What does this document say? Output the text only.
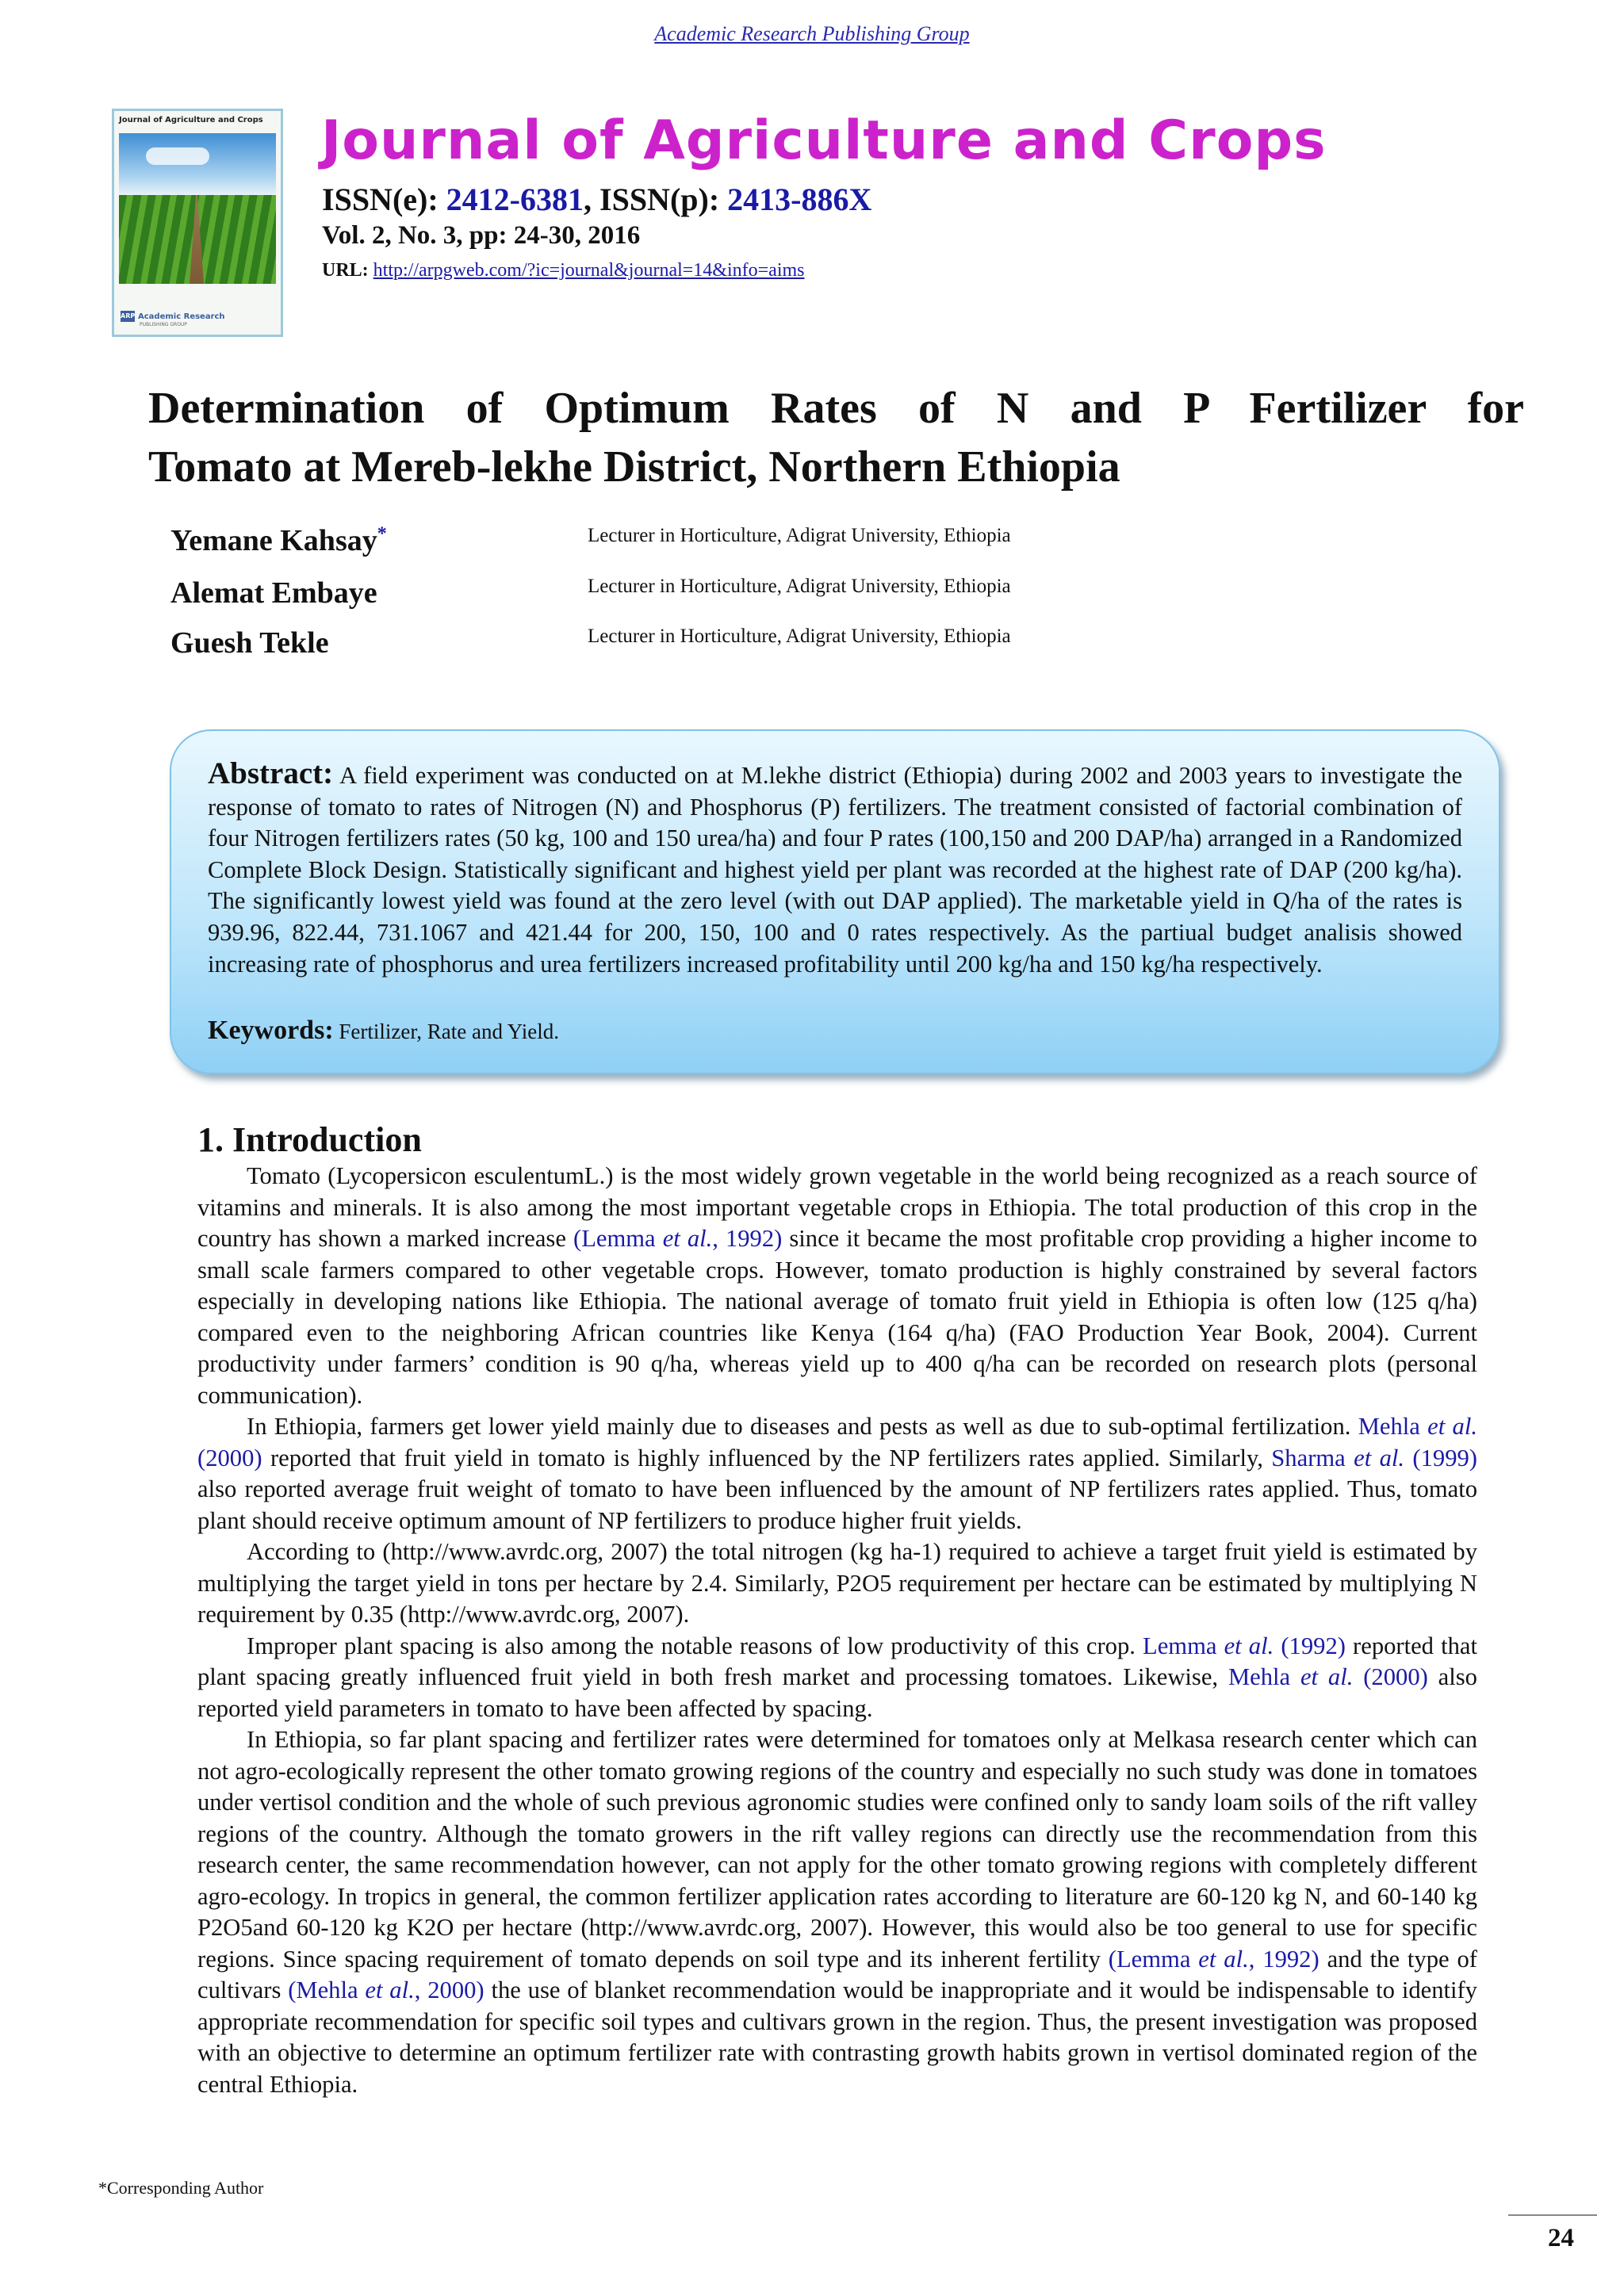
Academic Research Publishing Group
Journal of Agriculture and Crops
ARP Academic Research
PUBLISHING GROUP
Journal of Agriculture and Crops
ISSN(e): 2412-6381, ISSN(p): 2413-886X
Vol. 2, No. 3, pp: 24-30, 2016
URL: http://arpgweb.com/?ic=journal&journal=14&info=aims
Determination of Optimum Rates of N and P Fertilizer for
Tomato at Mereb-lekhe District, Northern Ethiopia
Yemane Kahsay*	Lecturer in Horticulture, Adigrat University, Ethiopia
Alemat Embaye	Lecturer in Horticulture, Adigrat University, Ethiopia
Guesh Tekle	Lecturer in Horticulture, Adigrat University, Ethiopia
Abstract: A field experiment was conducted on at M.lekhe district (Ethiopia) during 2002 and 2003 years to investigate the response of tomato to rates of Nitrogen (N) and Phosphorus (P) fertilizers. The treatment consisted of factorial combination of four Nitrogen fertilizers rates (50 kg, 100 and 150 urea/ha) and four P rates (100,150 and 200 DAP/ha) arranged in a Randomized Complete Block Design. Statistically significant and highest yield per plant was recorded at the highest rate of DAP (200 kg/ha). The significantly lowest yield was found at the zero level (with out DAP applied). The marketable yield in Q/ha of the rates is 939.96, 822.44, 731.1067 and 421.44 for 200, 150, 100 and 0 rates respectively. As the partiual budget analisis showed increasing rate of phosphorus and urea fertilizers increased profitability until 200 kg/ha and 150 kg/ha respectively.
Keywords: Fertilizer, Rate and Yield.
1. Introduction

Tomato (Lycopersicon esculentumL.) is the most widely grown vegetable in the world being recognized as a reach source of vitamins and minerals. It is also among the most important vegetable crops in Ethiopia. The total production of this crop in the country has shown a marked increase (Lemma et al., 1992) since it became the most profitable crop providing a higher income to small scale farmers compared to other vegetable crops. However, tomato production is highly constrained by several factors especially in developing nations like Ethiopia. The national average of tomato fruit yield in Ethiopia is often low (125 q/ha) compared even to the neighboring African countries like Kenya (164 q/ha) (FAO Production Year Book, 2004). Current productivity under farmers’ condition is 90 q/ha, whereas yield up to 400 q/ha can be recorded on research plots (personal communication).

In Ethiopia, farmers get lower yield mainly due to diseases and pests as well as due to sub-optimal fertilization. Mehla et al. (2000) reported that fruit yield in tomato is highly influenced by the NP fertilizers rates applied. Similarly, Sharma et al. (1999) also reported average fruit weight of tomato to have been influenced by the amount of NP fertilizers rates applied. Thus, tomato plant should receive optimum amount of NP fertilizers to produce higher fruit yields.

According to (http://www.avrdc.org, 2007) the total nitrogen (kg ha-1) required to achieve a target fruit yield is estimated by multiplying the target yield in tons per hectare by 2.4. Similarly, P2O5 requirement per hectare can be estimated by multiplying N requirement by 0.35 (http://www.avrdc.org, 2007).

Improper plant spacing is also among the notable reasons of low productivity of this crop. Lemma et al. (1992) reported that plant spacing greatly influenced fruit yield in both fresh market and processing tomatoes. Likewise, Mehla et al. (2000) also reported yield parameters in tomato to have been affected by spacing.

In Ethiopia, so far plant spacing and fertilizer rates were determined for tomatoes only at Melkasa research center which can not agro-ecologically represent the other tomato growing regions of the country and especially no such study was done in tomatoes under vertisol condition and the whole of such previous agronomic studies were confined only to sandy loam soils of the rift valley regions of the country. Although the tomato growers in the rift valley regions can directly use the recommendation from this research center, the same recommendation however, can not apply for the other tomato growing regions with completely different agro-ecology. In tropics in general, the common fertilizer application rates according to literature are 60-120 kg N, and 60-140 kg P2O5and 60-120 kg K2O per hectare (http://www.avrdc.org, 2007). However, this would also be too general to use for specific regions. Since spacing requirement of tomato depends on soil type and its inherent fertility (Lemma et al., 1992) and the type of cultivars (Mehla et al., 2000) the use of blanket recommendation would be inappropriate and it would be indispensable to identify appropriate recommendation for specific soil types and cultivars grown in the region. Thus, the present investigation was proposed with an objective to determine an optimum fertilizer rate with contrasting growth habits grown in vertisol dominated region of the central Ethiopia.

*Corresponding Author
24
